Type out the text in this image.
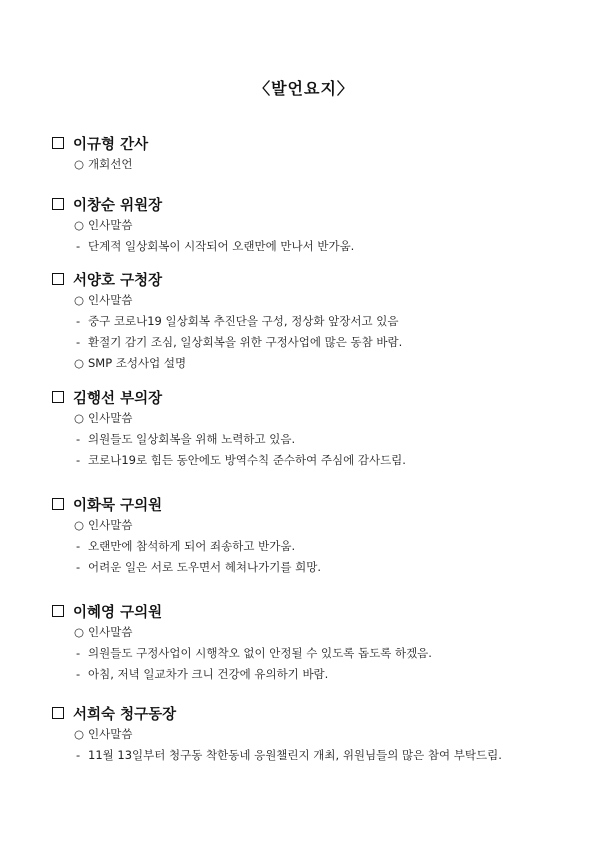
〈발언요지〉
이규형 간사
○ 개회선언
이창순 위원장
○ 인사말씀
- 단계적 일상회복이 시작되어 오랜만에 만나서 반가움.
서양호 구청장
○ 인사말씀
- 중구 코로나19 일상회복 추진단을 구성, 정상화 앞장서고 있음
- 환절기 감기 조심, 일상회복을 위한 구정사업에 많은 동참 바람.
○ SMP 조성사업 설명
김행선 부의장
○ 인사말씀
- 의원들도 일상회복을 위해 노력하고 있음.
- 코로나19로 힘든 동안에도 방역수칙 준수하여 주심에 감사드림.
이화묵 구의원
○ 인사말씀
- 오랜만에 참석하게 되어 죄송하고 반가움.
- 어려운 일은 서로 도우면서 헤쳐나가기를 희망.
이혜영 구의원
○ 인사말씀
- 의원들도 구정사업이 시행착오 없이 안정될 수 있도록 돕도록 하겠음.
- 아침, 저녁 일교차가 크니 건강에 유의하기 바람.
서희숙 청구동장
○ 인사말씀
- 11월 13일부터 청구동 착한동네 응원챌린지 개최, 위원님들의 많은 참여 부탁드림.
